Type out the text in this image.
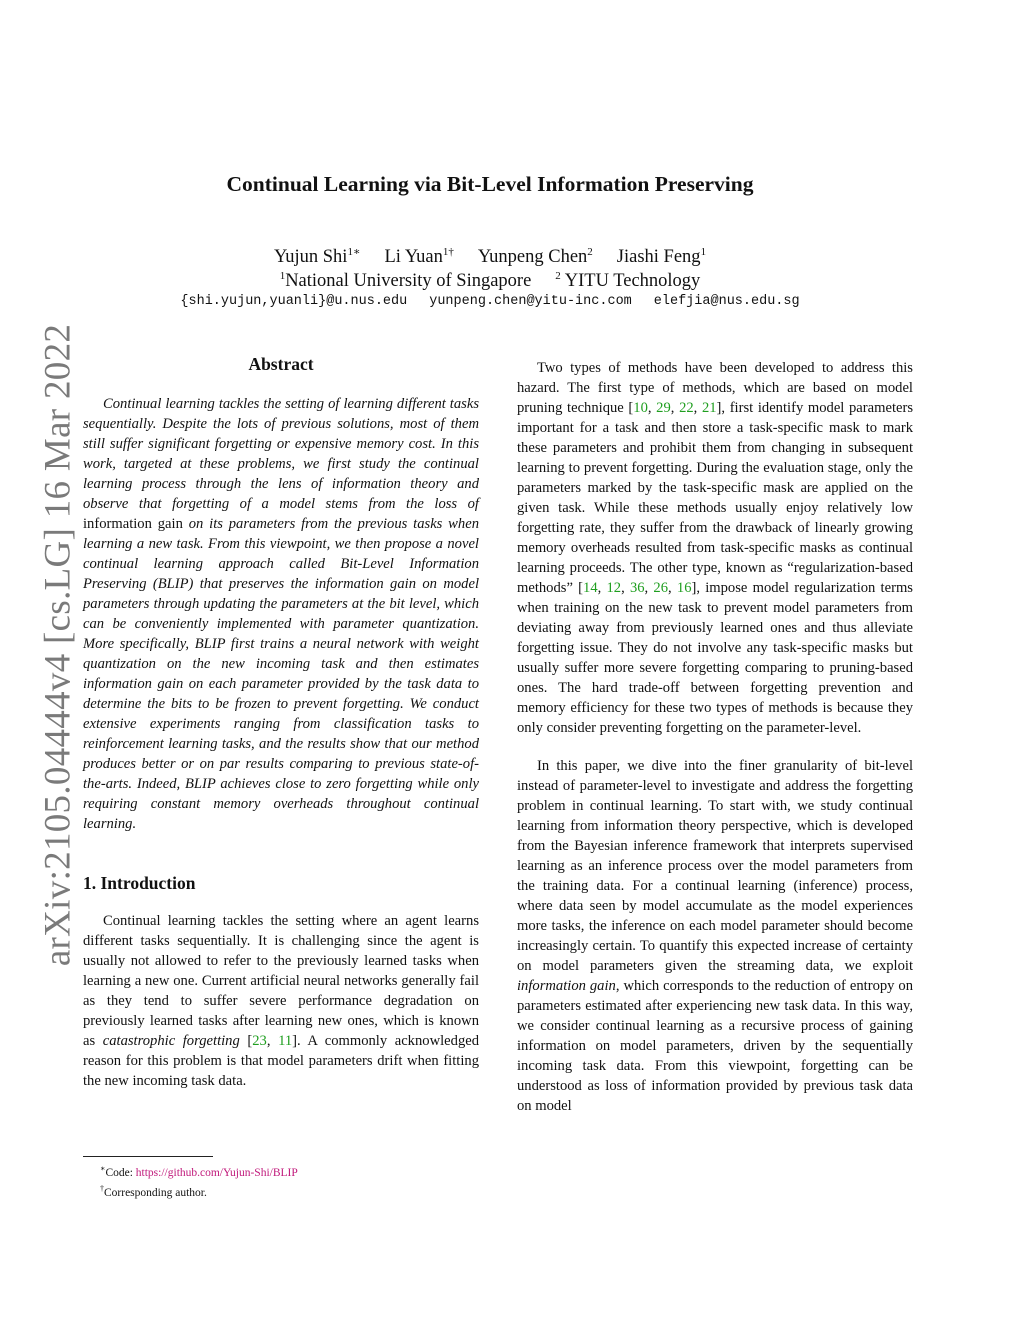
arXiv:2105.04444v4 [cs.LG] 16 Mar 2022
Continual Learning via Bit-Level Information Preserving
Yujun Shi$^{1∗}$ Li Yuan$^{1\dagger}$ Yunpeng Chen$^2$ Jiashi Feng$^1$
$^1$National University of Singapore $^2$ YITU Technology
{shi.yujun,yuanli}@u.nus.edu yunpeng.chen@yitu-inc.com elefjia@nus.edu.sg
Abstract

Continual learning tackles the setting of learning different tasks sequentially. Despite the lots of previous solutions, most of them still suffer significant forgetting or expensive memory cost. In this work, targeted at these problems, we first study the continual learning process through the lens of information theory and observe that forgetting of a model stems from the loss of information gain on its parameters from the previous tasks when learning a new task. From this viewpoint, we then propose a novel continual learning approach called Bit-Level Information Preserving (BLIP) that preserves the information gain on model parameters through updating the parameters at the bit level, which can be conveniently implemented with parameter quantization. More specifically, BLIP first trains a neural network with weight quantization on the new incoming task and then estimates information gain on each parameter provided by the task data to determine the bits to be frozen to prevent forgetting. We conduct extensive experiments ranging from classification tasks to reinforcement learning tasks, and the results show that our method produces better or on par results comparing to previous state-of-the-arts. Indeed, BLIP achieves close to zero forgetting while only requiring constant memory overheads throughout continual learning.

1. Introduction

Continual learning tackles the setting where an agent learns different tasks sequentially. It is challenging since the agent is usually not allowed to refer to the previously learned tasks when learning a new one. Current artificial neural networks generally fail as they tend to suffer severe performance degradation on previously learned tasks after learning new ones, which is known as catastrophic forgetting [23, 11]. A commonly acknowledged reason for this problem is that model parameters drift when fitting the new incoming task data.

Two types of methods have been developed to address this hazard. The first type of methods, which are based on model pruning technique [10, 29, 22, 21], first identify model parameters important for a task and then store a task-specific mask to mark these parameters and prohibit them from changing in subsequent learning to prevent forgetting. During the evaluation stage, only the parameters marked by the task-specific mask are applied on the given task. While these methods usually enjoy relatively low forgetting rate, they suffer from the drawback of linearly growing memory overheads resulted from task-specific masks as continual learning proceeds. The other type, known as “regularization-based methods” [14, 12, 36, 26, 16], impose model regularization terms when training on the new task to prevent model parameters from deviating away from previously learned ones and thus alleviate forgetting issue. They do not involve any task-specific masks but usually suffer more severe forgetting comparing to pruning-based ones. The hard trade-off between forgetting prevention and memory efficiency for these two types of methods is because they only consider preventing forgetting on the parameter-level.

In this paper, we dive into the finer granularity of bit-level instead of parameter-level to investigate and address the forgetting problem in continual learning. To start with, we study continual learning from information theory perspective, which is developed from the Bayesian inference framework that interprets supervised learning as an inference process over the model parameters from the training data. For a continual learning (inference) process, where data seen by model accumulate as the model experiences more tasks, the inference on each model parameter should become increasingly certain. To quantify this expected increase of certainty on model parameters given the streaming data, we exploit information gain, which corresponds to the reduction of entropy on parameters estimated after experiencing new task data. In this way, we consider continual learning as a recursive process of gaining information on model parameters, driven by the sequentially incoming task data. From this viewpoint, forgetting can be understood as loss of information provided by previous task data on model

∗Code: https://github.com/Yujun-Shi/BLIP
†Corresponding author.
